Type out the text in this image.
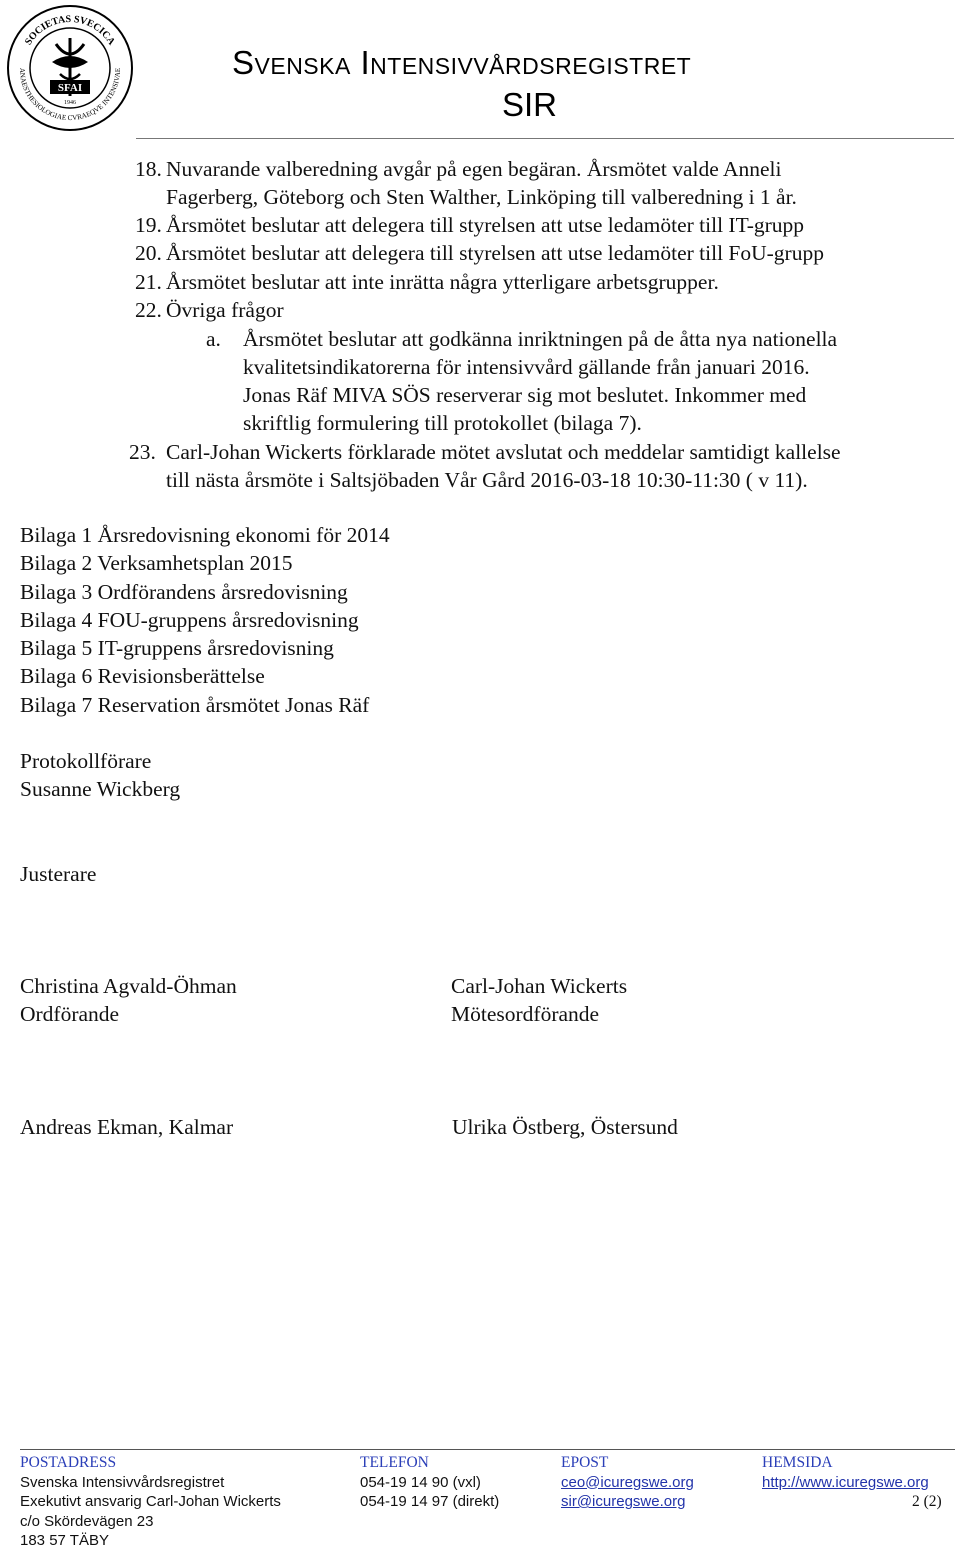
SOCIETAS SVECICA
ANAESTHESIOLOGIAE CVRAEQVE INTENSIVAE
SFAI
1946
Svenska Intensivvårdsregistret
SIR
18. Nuvarande valberedning avgår på egen begäran. Årsmötet valde Anneli
Fagerberg, Göteborg och Sten Walther, Linköping till valberedning i 1 år.
19. Årsmötet beslutar att delegera till styrelsen att utse ledamöter till IT-grupp
20. Årsmötet beslutar att delegera till styrelsen att utse ledamöter till FoU-grupp
21. Årsmötet beslutar att inte inrätta några ytterligare arbetsgrupper.
22. Övriga frågor
a. Årsmötet beslutar att godkänna inriktningen på de åtta nya nationella
kvalitetsindikatorerna för intensivvård gällande från januari 2016.
Jonas Räf MIVA SÖS reserverar sig mot beslutet. Inkommer med
skriftlig formulering till protokollet (bilaga 7).
23. Carl-Johan Wickerts förklarade mötet avslutat och meddelar samtidigt kallelse
till nästa årsmöte i Saltsjöbaden Vår Gård 2016-03-18 10:30-11:30 ( v 11).
Bilaga 1 Årsredovisning ekonomi för 2014
Bilaga 2 Verksamhetsplan 2015
Bilaga 3 Ordförandens årsredovisning
Bilaga 4 FOU-gruppens årsredovisning
Bilaga 5 IT-gruppens årsredovisning
Bilaga 6 Revisionsberättelse
Bilaga 7 Reservation årsmötet Jonas Räf
Protokollförare
Susanne Wickberg
Justerare
Christina Agvald-Öhman
Ordförande
Carl-Johan Wickerts
Mötesordförande
Andreas Ekman, Kalmar	Ulrika Östberg, Östersund
POSTADRESS
Svenska Intensivvårdsregistret
Exekutivt ansvarig Carl-Johan Wickerts
c/o Skördevägen 23
183 57 TÄBY
TELEFON
054-19 14 90 (vxl)
054-19 14 97 (direkt)
EPOST
ceo@icuregswe.org
sir@icuregswe.org
HEMSIDA
http://www.icuregswe.org
2 (2)
